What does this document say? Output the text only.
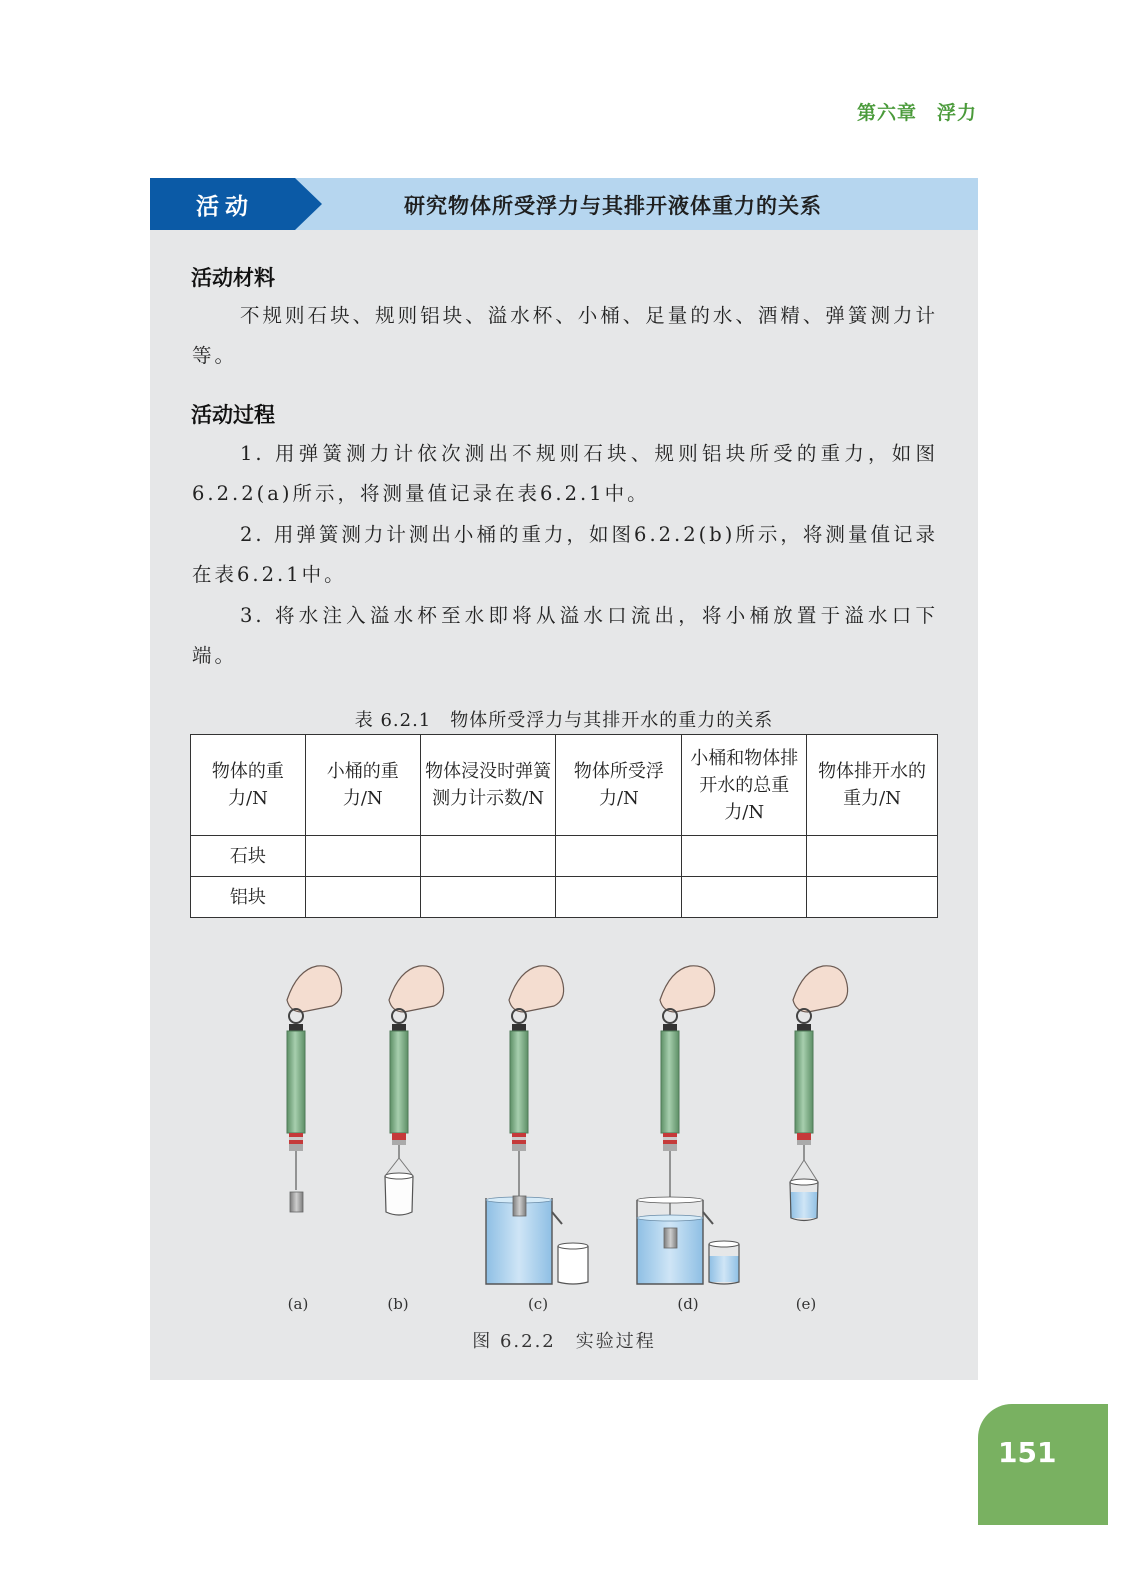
第六章 浮力
活动	研究物体所受浮力与其排开液体重力的关系
活动材料
不规则石块、规则铝块、溢水杯、小桶、足量的水、酒精、弹簧测力计等。
活动过程
1. 用弹簧测力计依次测出不规则石块、规则铝块所受的重力，如图6.2.2(a)所示，将测量值记录在表6.2.1中。
2. 用弹簧测力计测出小桶的重力，如图6.2.2(b)所示，将测量值记录在表6.2.1中。
3. 将水注入溢水杯至水即将从溢水口流出，将小桶放置于溢水口下端。
表 6.2.1　物体所受浮力与其排开水的重力的关系
物体的重力/N	小桶的重力/N	物体浸没时弹簧测力计示数/N	物体所受浮力/N	小桶和物体排开水的总重力/N	物体排开水的重力/N
石块					
铝块					
(a)	(b)	(c)	(d)	(e)
图 6.2.2　实验过程
151
